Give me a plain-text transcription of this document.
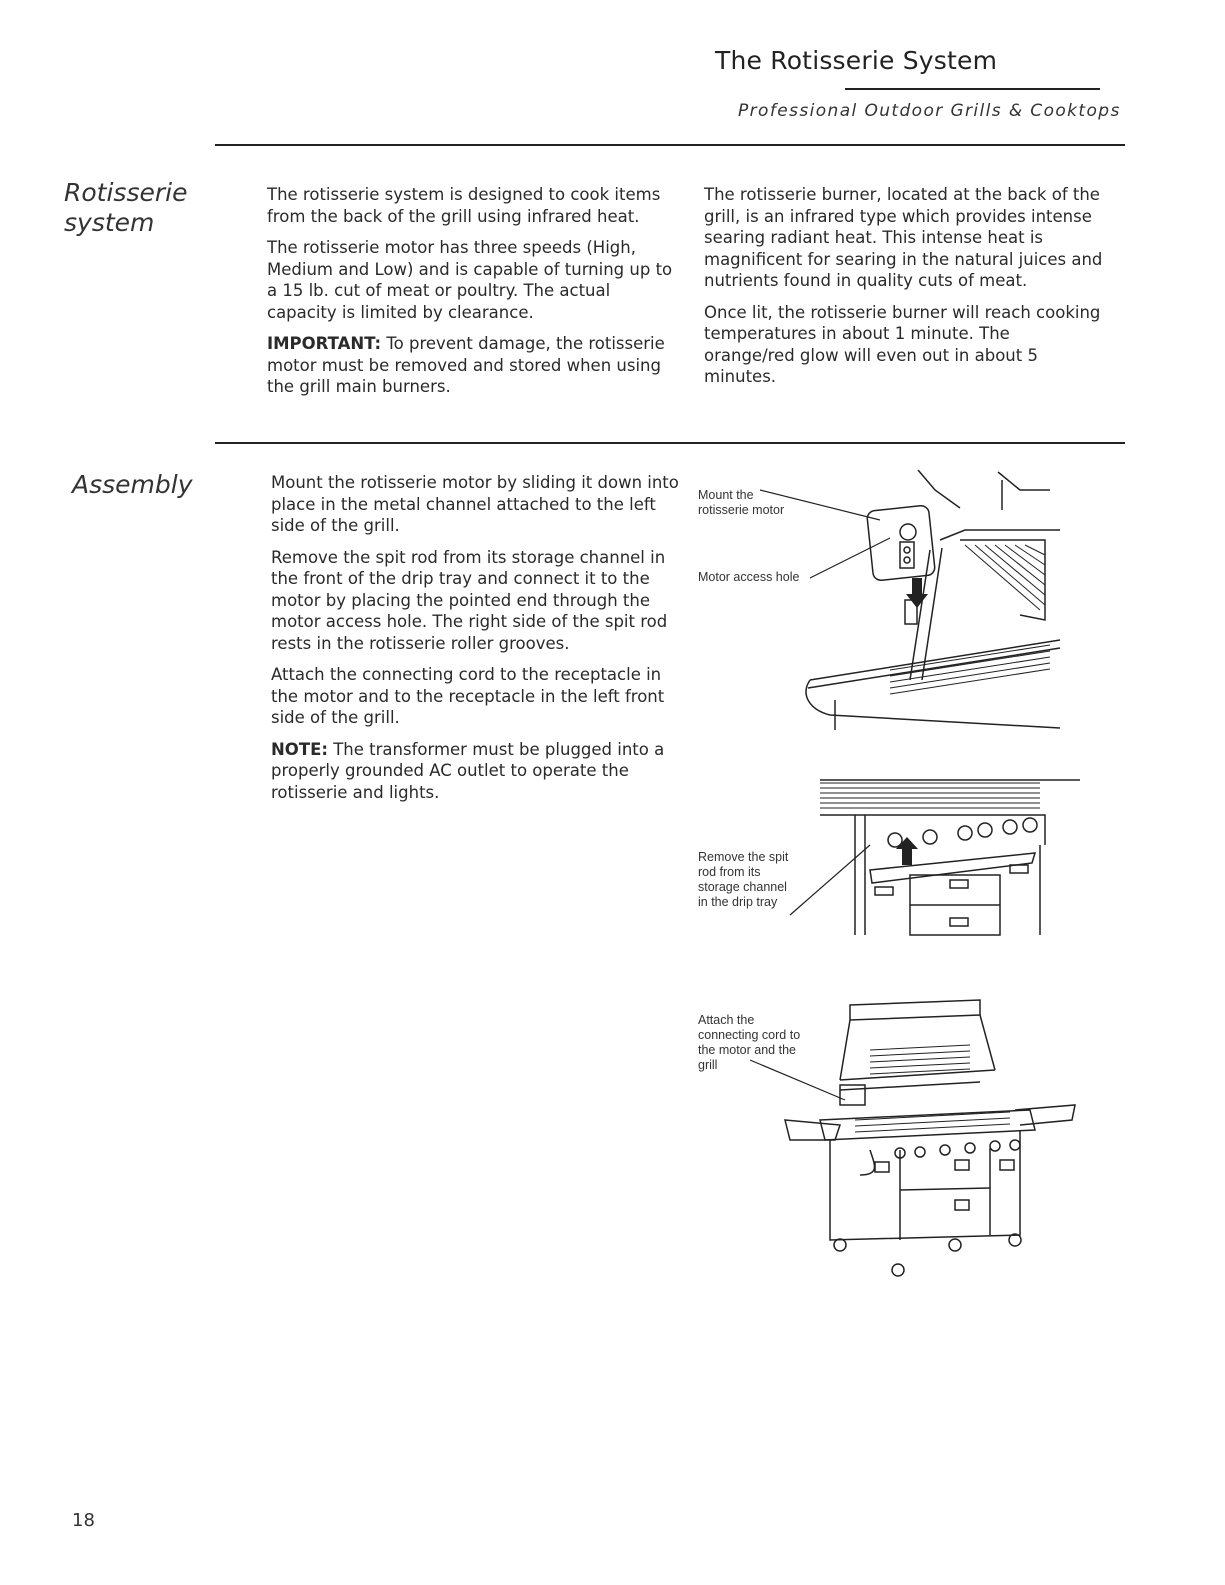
The Rotisserie System
Professional Outdoor Grills & Cooktops
Rotisserie system

The rotisserie system is designed to cook items from the back of the grill using infrared heat.

The rotisserie motor has three speeds (High, Medium and Low) and is capable of turning up to a 15 lb. cut of meat or poultry. The actual capacity is limited by clearance.

IMPORTANT: To prevent damage, the rotisserie motor must be removed and stored when using the grill main burners.

The rotisserie burner, located at the back of the grill, is an infrared type which provides intense searing radiant heat. This intense heat is magnificent for searing in the natural juices and nutrients found in quality cuts of meat.

Once lit, the rotisserie burner will reach cooking temperatures in about 1 minute. The orange/red glow will even out in about 5 minutes.

Assembly	Mount the rotisserie motor by sliding it down into place in the metal channel attached to the left side of the grill.

Remove the spit rod from its storage channel in the front of the drip tray and connect it to the motor by placing the pointed end through the motor access hole. The right side of the spit rod rests in the rotisserie roller grooves.

Attach the connecting cord to the receptacle in the motor and to the receptacle in the left front side of the grill.

NOTE: The transformer must be plugged into a properly grounded AC outlet to operate the rotisserie and lights.

Mount the rotisserie motor
Motor access hole
Remove the spit rod from its storage channel in the drip tray
Attach the connecting cord to the motor and the grill
18
